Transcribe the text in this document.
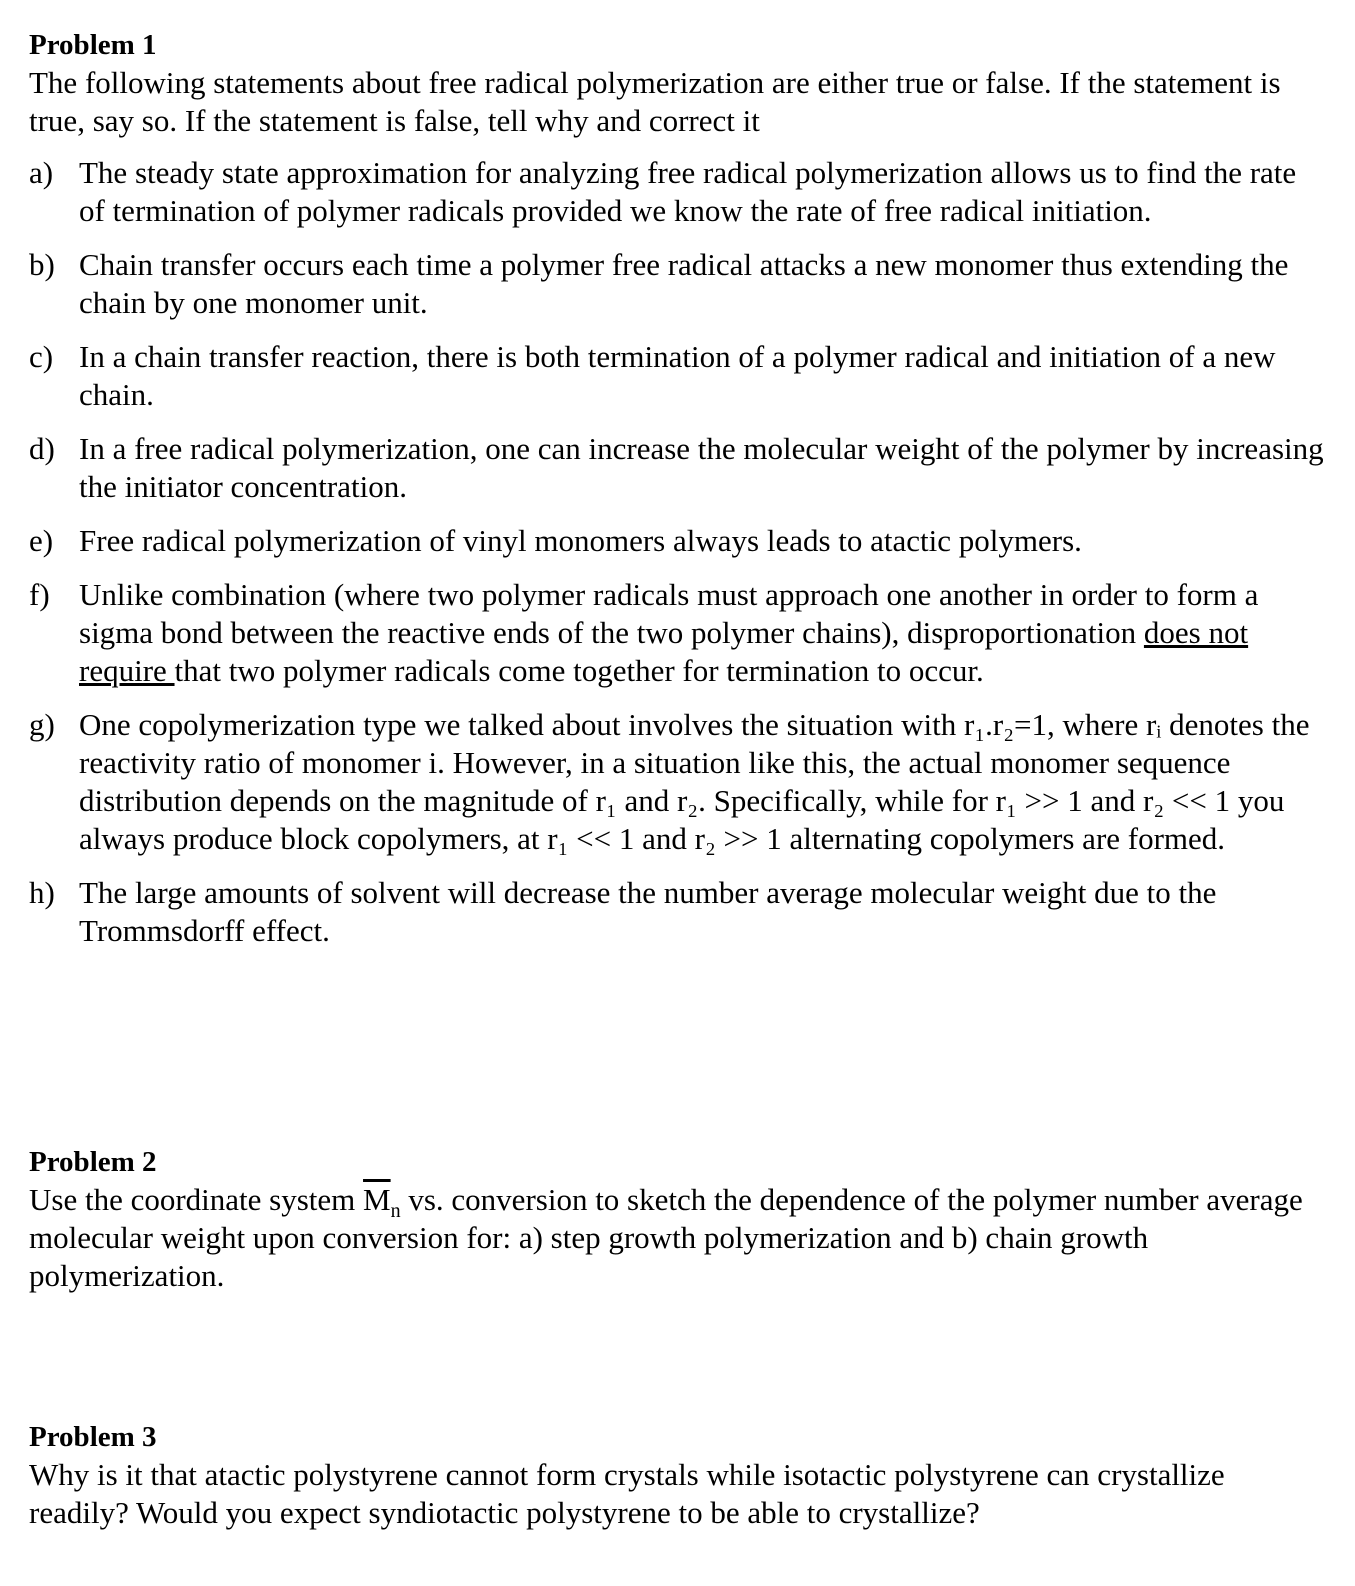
Problem 1

The following statements about free radical polymerization are either true or false. If the statement is true, say so. If the statement is false, tell why and correct it

a) The steady state approximation for analyzing free radical polymerization allows us to find the rate of termination of polymer radicals provided we know the rate of free radical initiation.
b) Chain transfer occurs each time a polymer free radical attacks a new monomer thus extending the chain by one monomer unit.
c) In a chain transfer reaction, there is both termination of a polymer radical and initiation of a new chain.
d) In a free radical polymerization, one can increase the molecular weight of the polymer by increasing the initiator concentration.
e) Free radical polymerization of vinyl monomers always leads to atactic polymers.
f) Unlike combination (where two polymer radicals must approach one another in order to form a sigma bond between the reactive ends of the two polymer chains), disproportionation does not require that two polymer radicals come together for termination to occur.
g) One copolymerization type we talked about involves the situation with r₁.r₂=1, where rᵢ denotes the reactivity ratio of monomer i. However, in a situation like this, the actual monomer sequence distribution depends on the magnitude of r₁ and r₂. Specifically, while for r₁ >> 1 and r₂ << 1 you always produce block copolymers, at r₁ << 1 and r₂ >> 1 alternating copolymers are formed.
h) The large amounts of solvent will decrease the number average molecular weight due to the Trommsdorff effect.
Problem 2
Use the coordinate system $\overline{M}_n$ vs. conversion to sketch the dependence of the polymer number average molecular weight upon conversion for: a) step growth polymerization and b) chain growth polymerization.
Problem 3
Why is it that atactic polystyrene cannot form crystals while isotactic polystyrene can crystallize readily? Would you expect syndiotactic polystyrene to be able to crystallize?
